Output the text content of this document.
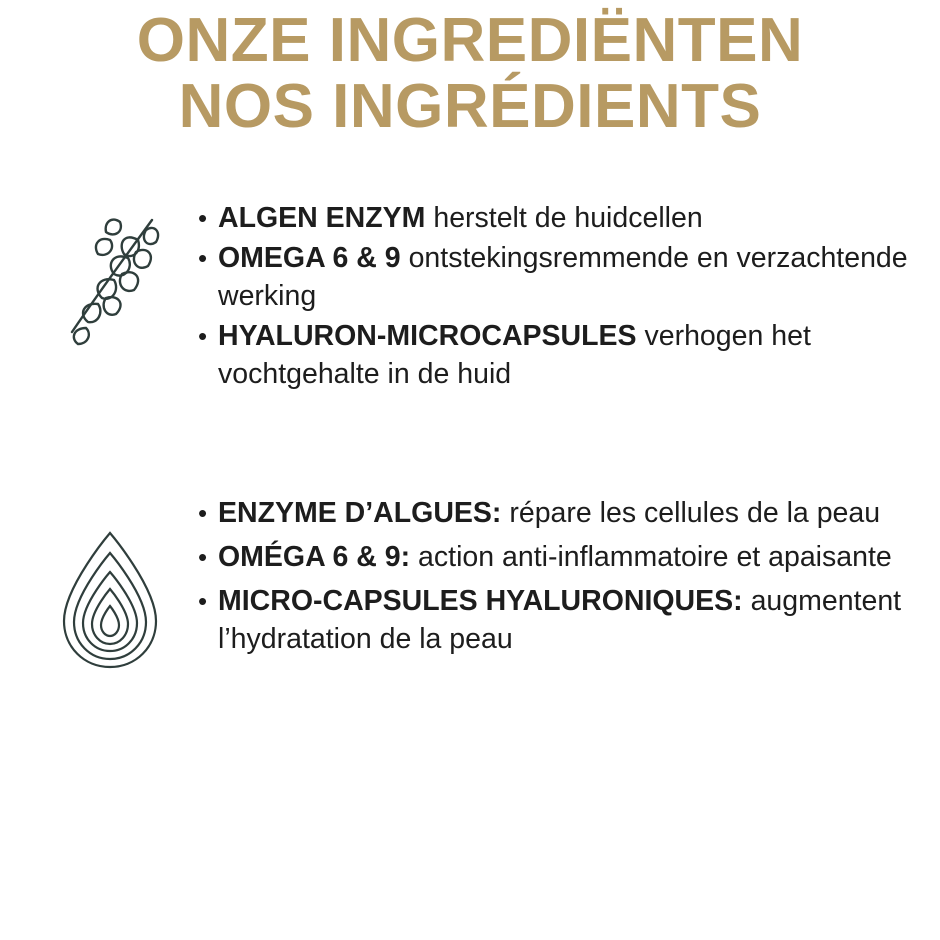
ONZE INGREDIËNTEN
NOS INGRÉDIENTS
• ALGEN ENZYM herstelt de huidcellen
• OMEGA 6 & 9 ontstekingsremmende en verzachtende werking
• HYALURON-MICROCAPSULES verhogen het vochtgehalte in de huid
• ENZYME D’ALGUES: répare les cellules de la peau
• OMÉGA 6 & 9: action anti-inflammatoire et apaisante
• MICRO-CAPSULES HYALURONIQUES: augmentent l’hydratation de la peau
